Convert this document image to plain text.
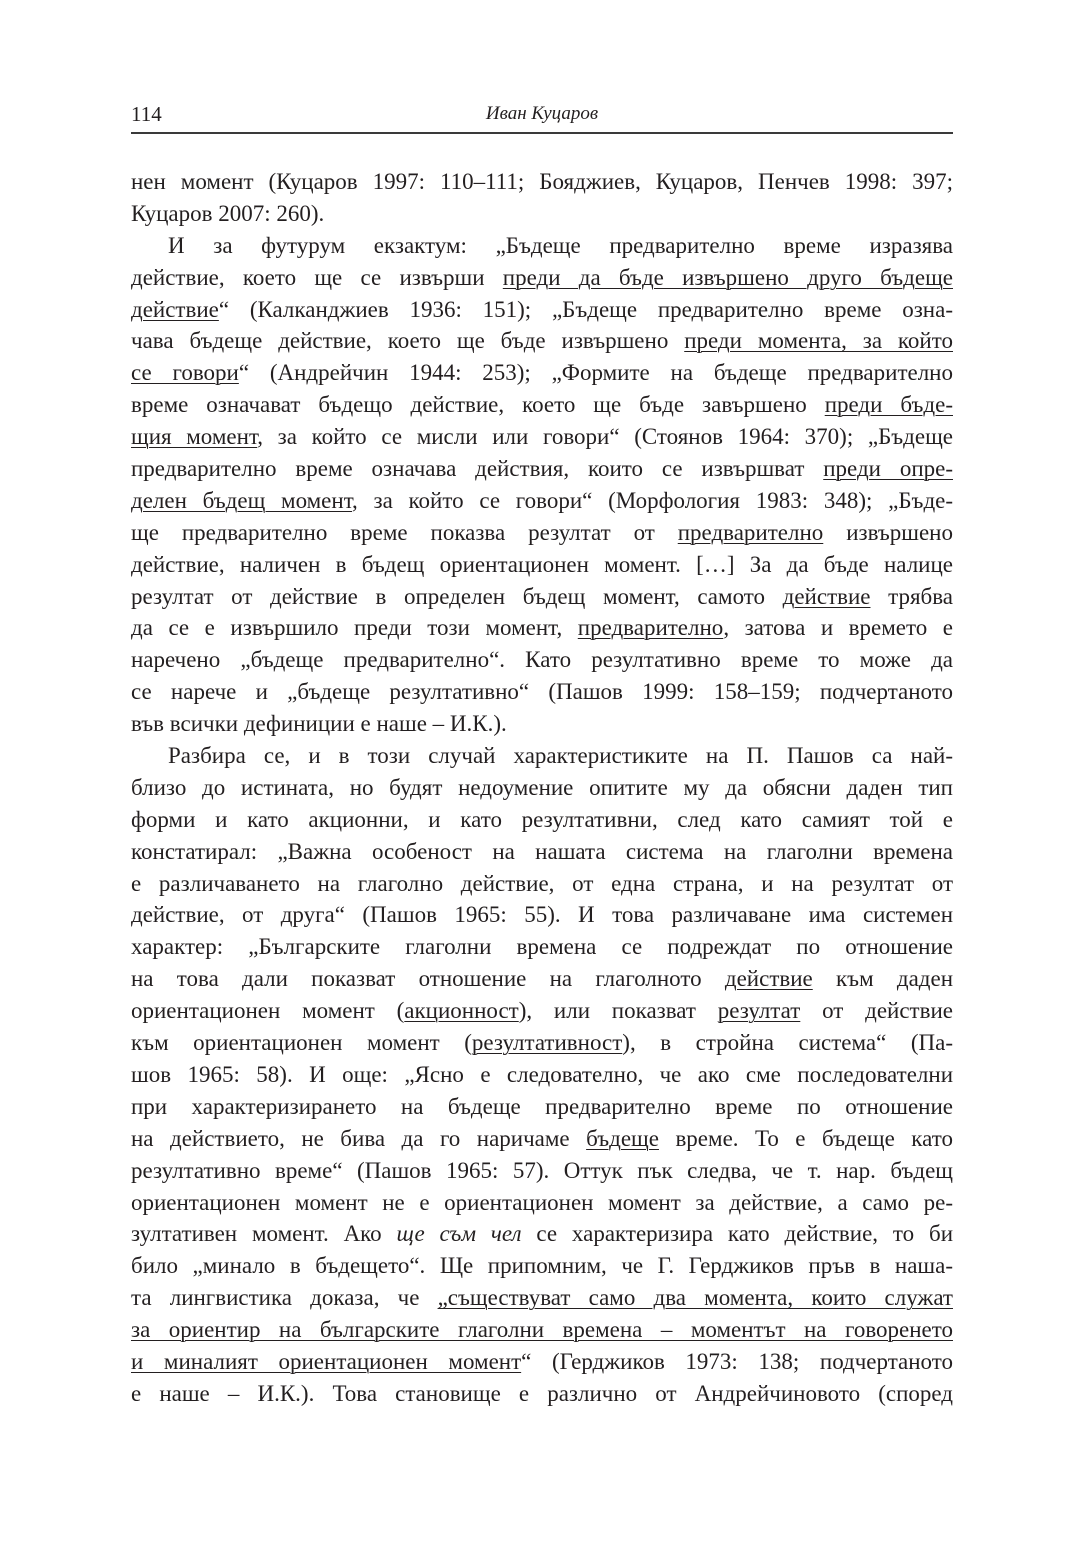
114	Иван Куцаров
нен момент (Куцаров 1997: 110–111; Бояджиев, Куцаров, Пенчев 1998: 397;
Куцаров 2007: 260).
И за футурум екзактум: „Бъдеще предварително време изразява
действие, което ще се извърши преди да бъде извършено друго бъдеще
действие“ (Калканджиев 1936: 151); „Бъдеще предварително време озна-
чава бъдеще действие, което ще бъде извършено преди момента, за който
се говори“ (Андрейчин 1944: 253); „Формите на бъдеще предварително
време означават бъдещо действие, което ще бъде завършено преди бъде-
щия момент, за който се мисли или говори“ (Стоянов 1964: 370); „Бъдеще
предварително време означава действия, които се извършват преди опре-
делен бъдещ момент, за който се говори“ (Морфология 1983: 348); „Бъде-
ще предварително време показва резултат от предварително извършено
действие, наличен в бъдещ ориентационен момент. […] За да бъде налице
резултат от действие в определен бъдещ момент, самото действие трябва
да се е извършило преди този момент, предварително, затова и времето е
наречено „бъдеще предварително“. Като резултативно време то може да
се нарече и „бъдеще резултативно“ (Пашов 1999: 158–159; подчертаното
във всички дефиниции е наше – И.К.).
Разбира се, и в този случай характеристиките на П. Пашов са най-
близо до истината, но будят недоумение опитите му да обясни даден тип
форми и като акционни, и като резултативни, след като самият той е
констатирал: „Важна особеност на нашата система на глаголни времена
е различаването на глаголно действие, от една страна, и на резултат от
действие, от друга“ (Пашов 1965: 55). И това различаване има системен
характер: „Българските глаголни времена се подреждат по отношение
на това дали показват отношение на глаголното действие към даден
ориентационен момент (акционност), или показват резултат от действие
към ориентационен момент (резултативност), в стройна система“ (Па-
шов 1965: 58). И още: „Ясно е следователно, че ако сме последователни
при характеризирането на бъдеще предварително време по отношение
на действието, не бива да го наричаме бъдеще време. То е бъдеще като
резултативно време“ (Пашов 1965: 57). Оттук пък следва, че т. нар. бъдещ
ориентационен момент не е ориентационен момент за действие, а само ре-
зултативен момент. Ако ще съм чел се характеризира като действие, то би
било „минало в бъдещето“. Ще припомним, че Г. Герджиков пръв в наша-
та лингвистика доказа, че „съществуват само два момента, които служат
за ориентир на българските глаголни времена – моментът на говоренето
и миналият ориентационен момент“ (Герджиков 1973: 138; подчертаното
е наше – И.К.). Това становище е различно от Андрейчиновото (според
